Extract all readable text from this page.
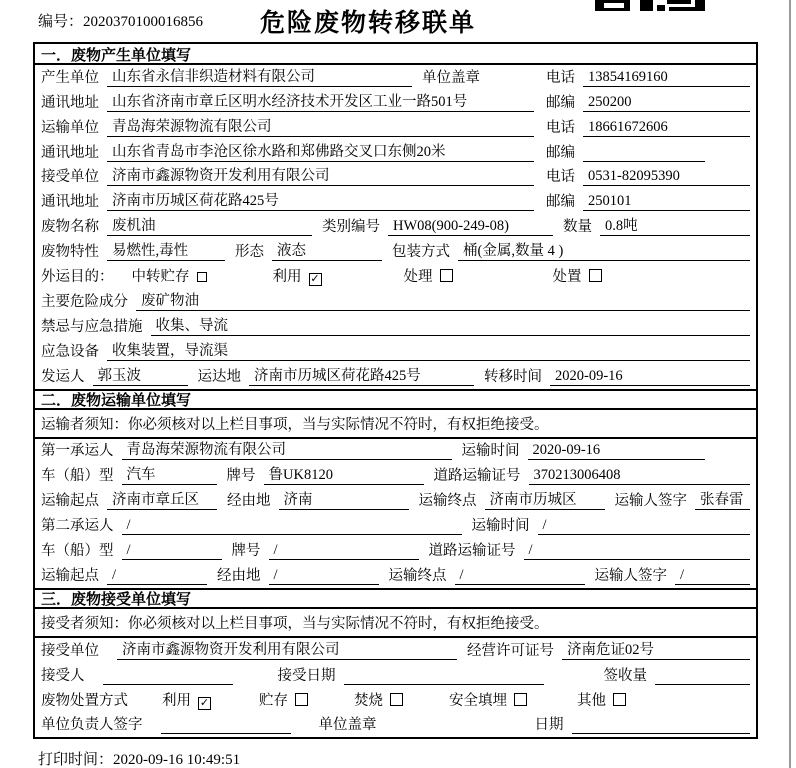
编号：2020370100016856	危险废物转移联单
一．废物产生单位填写
产生单位 山东省永信非织造材料有限公司	单位盖章	电话 13854169160
通讯地址 山东省济南市章丘区明水经济技术开发区工业一路501号	邮编 250200
运输单位 青岛海荣源物流有限公司	电话 18661672606
通讯地址 山东省青岛市李沧区徐水路和郑佛路交叉口东侧20米	邮编
接受单位 济南市鑫源物资开发利用有限公司	电话 0531-82095390
通讯地址 济南市历城区荷花路425号	邮编 250101
废物名称 废机油	类别编号 HW08(900-249-08)	数量 0.8吨
废物特性 易燃性,毒性	形态 液态	包装方式 桶(金属,数量 4 )
外运目的： 中转贮存	利用 ✓	处理	处置
主要危险成分 废矿物油
禁忌与应急措施 收集、导流
应急设备 收集装置，导流渠
发运人 郭玉波	运达地 济南市历城区荷花路425号	转移时间 2020-09-16
二．废物运输单位填写
运输者须知：你必须核对以上栏目事项，当与实际情况不符时，有权拒绝接受。
第一承运人 青岛海荣源物流有限公司	运输时间 2020-09-16
车（船）型 汽车	牌号 鲁UK8120	道路运输证号 370213006408
运输起点 济南市章丘区	经由地 济南	运输终点 济南市历城区	运输人签字 张春雷
第二承运人 /	运输时间 /
车（船）型 /	牌号 /	道路运输证号 /
运输起点 /	经由地 /	运输终点 /	运输人签字 /
三．废物接受单位填写
接受者须知：你必须核对以上栏目事项，当与实际情况不符时，有权拒绝接受。
接受单位	济南市鑫源物资开发利用有限公司	经营许可证号 济南危证02号
接受人	接受日期	签收量
废物处置方式 利用 ✓	贮存	焚烧	安全填埋	其他
单位负责人签字	单位盖章	日期
打印时间：2020-09-16 10:49:51
